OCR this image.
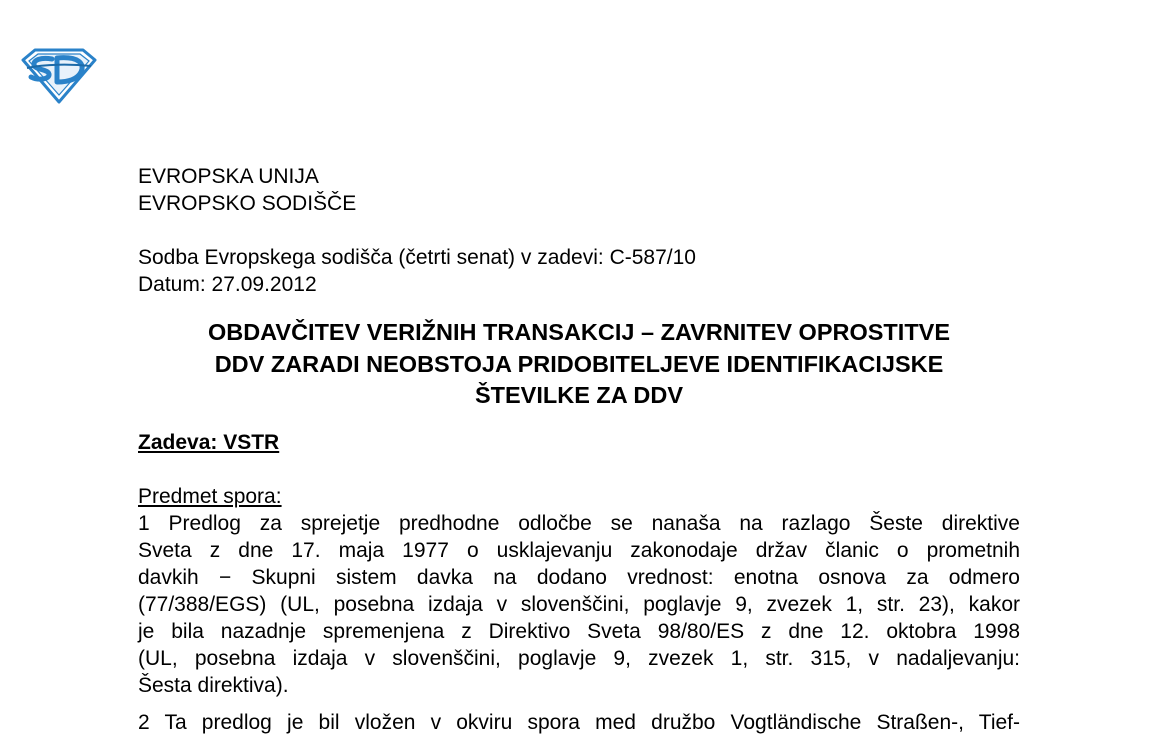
EVROPSKA UNIJA
EVROPSKO SODIŠČE
Sodba Evropskega sodišča (četrti senat) v zadevi: C-587/10
Datum: 27.09.2012
OBDAVČITEV VERIŽNIH TRANSAKCIJ – ZAVRNITEV OPROSTITVE
DDV ZARADI NEOBSTOJA PRIDOBITELJEVE IDENTIFIKACIJSKE
ŠTEVILKE ZA DDV
Zadeva: VSTR
Predmet spora:
1 Predlog za sprejetje predhodne odločbe se nanaša na razlago Šeste direktive
Sveta z dne 17. maja 1977 o usklajevanju zakonodaje držav članic o prometnih
davkih − Skupni sistem davka na dodano vrednost: enotna osnova za odmero
(77/388/EGS) (UL, posebna izdaja v slovenščini, poglavje 9, zvezek 1, str. 23), kakor
je bila nazadnje spremenjena z Direktivo Sveta 98/80/ES z dne 12. oktobra 1998
(UL, posebna izdaja v slovenščini, poglavje 9, zvezek 1, str. 315, v nadaljevanju:
Šesta direktiva).
2 Ta predlog je bil vložen v okviru spora med družbo Vogtländische Straßen-, Tief-
